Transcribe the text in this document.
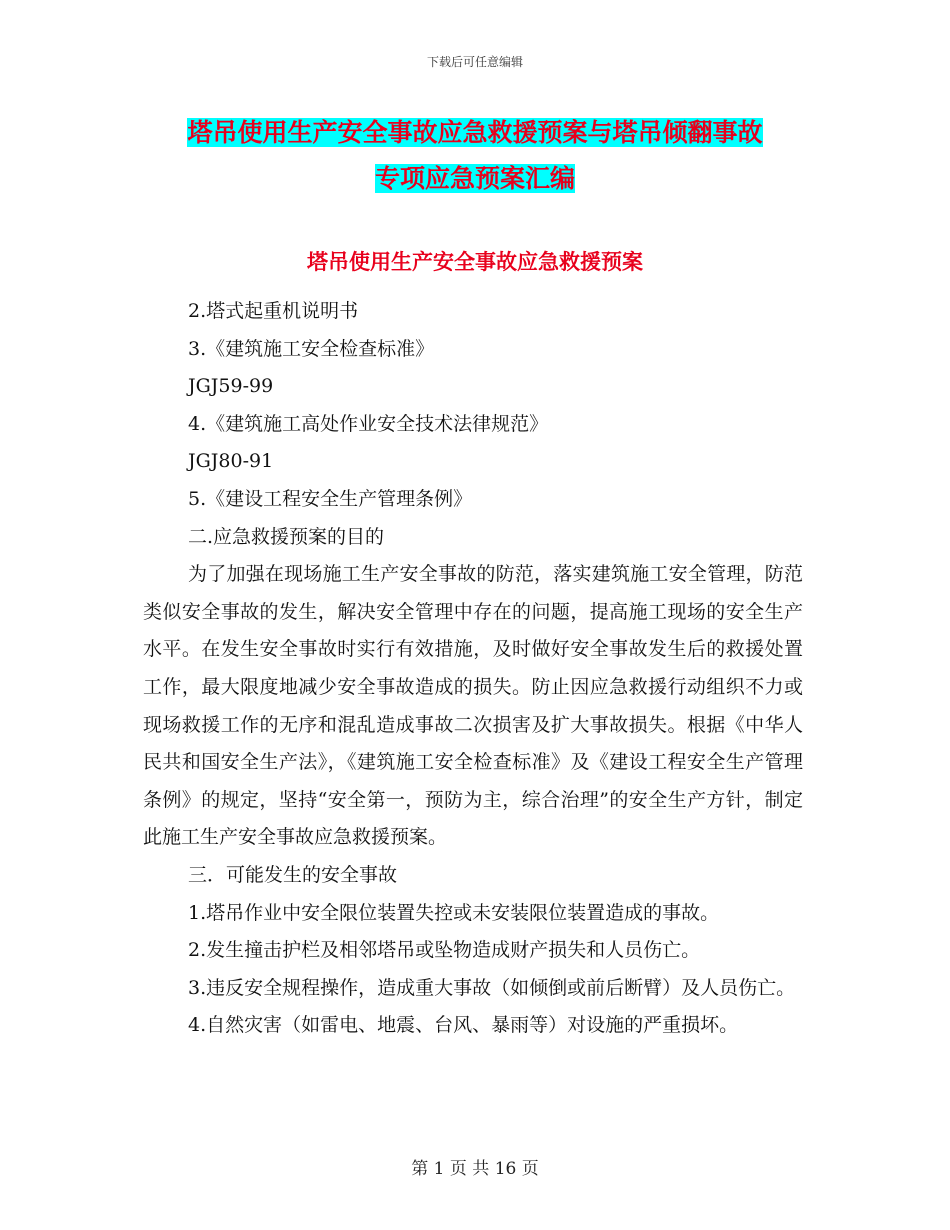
下载后可任意编辑
塔吊使用生产安全事故应急救援预案与塔吊倾翻事故
专项应急预案汇编
塔吊使用生产安全事故应急救援预案

2.塔式起重机说明书

3.《建筑施工安全检查标准》

JGJ59-99

4.《建筑施工高处作业安全技术法律规范》

JGJ80-91

5.《建设工程安全生产管理条例》

二.应急救援预案的目的

为了加强在现场施工生产安全事故的防范，落实建筑施工安全管理，防范类似安全事故的发生，解决安全管理中存在的问题，提高施工现场的安全生产水平。在发生安全事故时实行有效措施，及时做好安全事故发生后的救援处置工作，最大限度地减少安全事故造成的损失。防止因应急救援行动组织不力或现场救援工作的无序和混乱造成事故二次损害及扩大事故损失。根据《中华人民共和国安全生产法》，《建筑施工安全检查标准》及《建设工程安全生产管理条例》的规定，坚持“安全第一，预防为主，综合治理”的安全生产方针，制定此施工生产安全事故应急救援预案。

三．可能发生的安全事故

1.塔吊作业中安全限位装置失控或未安装限位装置造成的事故。

2.发生撞击护栏及相邻塔吊或坠物造成财产损失和人员伤亡。

3.违反安全规程操作，造成重大事故（如倾倒或前后断臂）及人员伤亡。

4.自然灾害（如雷电、地震、台风、暴雨等）对设施的严重损坏。

第 1 页 共 16 页
